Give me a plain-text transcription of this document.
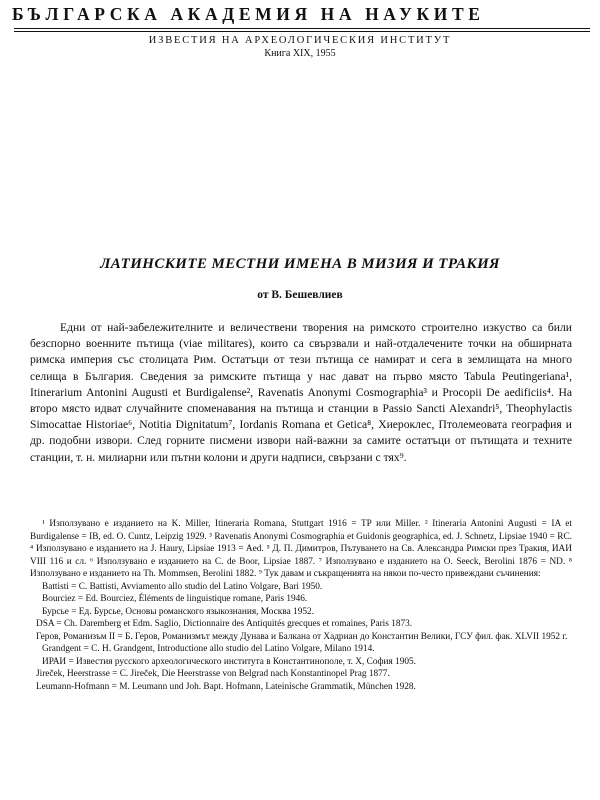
БЪЛГАРСКА АКАДЕМИЯ НА НАУКИТЕ
ИЗВЕСТИЯ НА АРХЕОЛОГИЧЕСКИЯ ИНСТИТУТ
Книга XIX, 1955
ЛАТИНСКИТЕ МЕСТНИ ИМЕНА В МИЗИЯ И ТРАКИЯ
от В. Бешевлиев

Едни от най-забележителните и величествени творения на римското строително изкуство са били безспорно военните пътища (viae militares), които са свързвали и най-отдалечените точки на обширната римска империя със столицата Рим. Остатъци от тези пътища се намират и сега в землищата на много селища в България. Сведения за римските пътища у нас дават на първо място Tabula Peutingeriana¹, Itinerarium Antonini Augusti et Burdigalense², Ravenatis Anonymi Cosmographia³ и Procopii De aedificiis⁴. На второ място идват случайните споменавания на пътища и станции в Passio Sancti Alexandri⁵, Theophylactis Simocattae Historiae⁶, Notitia Dignitatum⁷, Iordanis Romana et Getica⁸, Хиероклес, Птолемеовата география и др. подобни извори. След горните писмени извори най-важни за самите остатъци от пътищата и техните станции, т. н. милиарни или пътни колони и други надписи, свързани с тях⁹.

¹ Използувано е изданието на K. Miller, Itineraria Romana, Stuttgart 1916 = TP или Miller. ² Itineraria Antonini Augusti = IA et Burdigalense = IB, ed. O. Cuntz, Leipzig 1929. ³ Ravenatis Anonymi Cosmographia et Guidonis geographica, ed. J. Schnetz, Lipsiae 1940 = RC. ⁴ Използувано е изданието на J. Haury, Lipsiae 1913 = Aed. ⁵ Д. П. Димитров, Пътуването на Св. Александра Римски през Тракия, ИАИ VIII 116 и сл. ⁶ Използувано е изданието на C. de Boor, Lipsiae 1887. ⁷ Използувано е изданието на O. Seeck, Berolini 1876 = ND. ⁸ Използувано е изданието на Th. Mommsen, Berolini 1882. ⁹ Тук давам и съкращенията на някои по-често привеждани съчинения:

Battisti = C. Battisti, Avviamento allo studio del Latino Volgare, Bari 1950.

Bourciez = Ed. Bourciez, Éléments de linguistique romane, Paris 1946.

Бурсье = Ед. Бурсье, Основы романского языкознания, Москва 1952.

DSA = Ch. Daremberg et Edm. Saglio, Dictionnaire des Antiquités grecques et romaines, Paris 1873.

Геров, Романизъм II = Б. Геров, Романизмът между Дунава и Балкана от Хадриан до Константин Велики, ГСУ фил. фак. XLVII 1952 г.

Grandgent = C. H. Grandgent, Introductione allo studio del Latino Volgare, Milano 1914.

ИРАИ = Известия русского археологического института в Константинополе, т. X, София 1905.

Jireček, Heerstrasse = C. Jireček, Die Heerstrasse von Belgrad nach Konstantinopel Prag 1877.

Leumann-Hofmann = M. Leumann und Joh. Bapt. Hofmann, Lateinische Grammatik, München 1928.
